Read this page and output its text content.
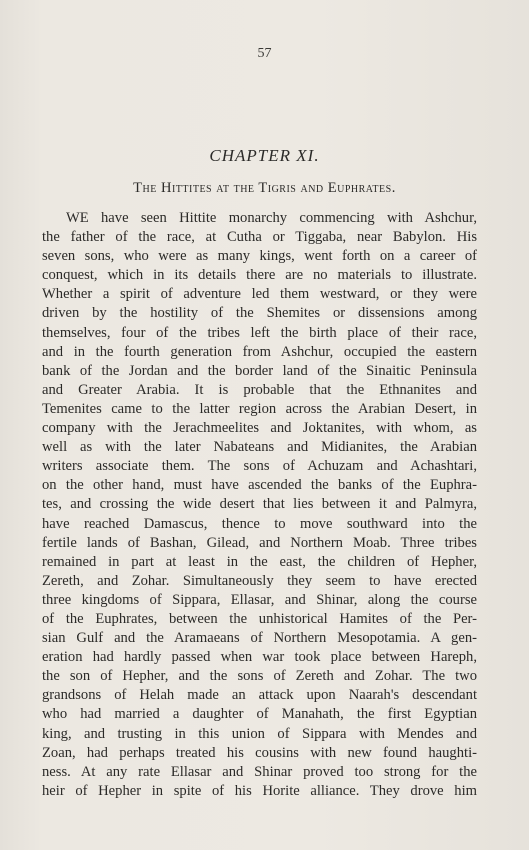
57
CHAPTER XI.
The Hittites at the Tigris and Euphrates.
WE have seen Hittite monarchy commencing with Ashchur,
the father of the race, at Cutha or Tiggaba, near Babylon. His
seven sons, who were as many kings, went forth on a career of
conquest, which in its details there are no materials to illustrate.
Whether a spirit of adventure led them westward, or they were
driven by the hostility of the Shemites or dissensions among
themselves, four of the tribes left the birth place of their race,
and in the fourth generation from Ashchur, occupied the eastern
bank of the Jordan and the border land of the Sinaitic Peninsula
and Greater Arabia. It is probable that the Ethnanites and
Temenites came to the latter region across the Arabian Desert, in
company with the Jerachmeelites and Joktanites, with whom, as
well as with the later Nabateans and Midianites, the Arabian
writers associate them. The sons of Achuzam and Achashtari,
on the other hand, must have ascended the banks of the Euphra-
tes, and crossing the wide desert that lies between it and Palmyra,
have reached Damascus, thence to move southward into the
fertile lands of Bashan, Gilead, and Northern Moab. Three tribes
remained in part at least in the east, the children of Hepher,
Zereth, and Zohar. Simultaneously they seem to have erected
three kingdoms of Sippara, Ellasar, and Shinar, along the course
of the Euphrates, between the unhistorical Hamites of the Per-
sian Gulf and the Aramaeans of Northern Mesopotamia. A gen-
eration had hardly passed when war took place between Hareph,
the son of Hepher, and the sons of Zereth and Zohar. The two
grandsons of Helah made an attack upon Naarah's descendant
who had married a daughter of Manahath, the first Egyptian
king, and trusting in this union of Sippara with Mendes and
Zoan, had perhaps treated his cousins with new found haughti-
ness. At any rate Ellasar and Shinar proved too strong for the
heir of Hepher in spite of his Horite alliance. They drove him
